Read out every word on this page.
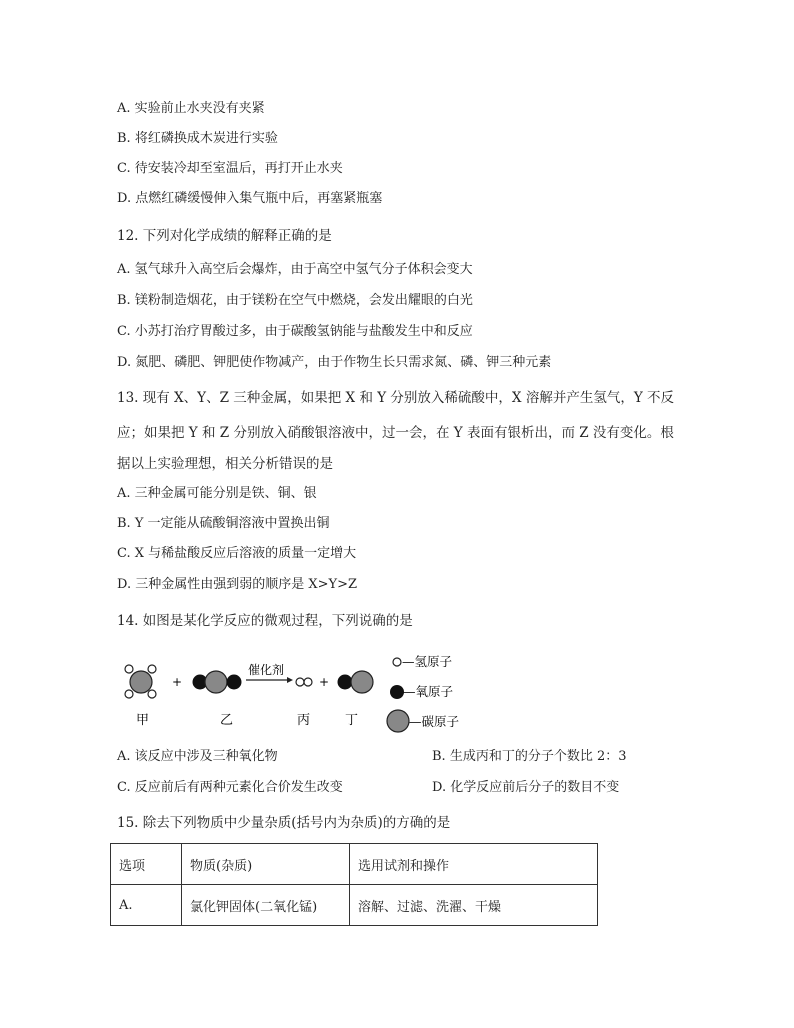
A. 实验前止水夹没有夹紧
B. 将红磷换成木炭进行实验
C. 待安装冷却至室温后，再打开止水夹
D. 点燃红磷缓慢伸入集气瓶中后，再塞紧瓶塞
12. 下列对化学成绩的解释正确的是
A. 氢气球升入高空后会爆炸，由于高空中氢气分子体积会变大
B. 镁粉制造烟花，由于镁粉在空气中燃烧，会发出耀眼的白光
C. 小苏打治疗胃酸过多，由于碳酸氢钠能与盐酸发生中和反应
D. 氮肥、磷肥、钾肥使作物减产，由于作物生长只需求氮、磷、钾三种元素
13. 现有 X、Y、Z 三种金属，如果把 X 和 Y 分别放入稀硫酸中，X 溶解并产生氢气，Y 不反
应；如果把 Y 和 Z 分别放入硝酸银溶液中，过一会，在 Y 表面有银析出，而 Z 没有变化。根
据以上实验理想，相关分析错误的是
A. 三种金属可能分别是铁、铜、银
B. Y 一定能从硫酸铜溶液中置换出铜
C. X 与稀盐酸反应后溶液的质量一定增大
D. 三种金属性由强到弱的顺序是 X>Y>Z
14. 如图是某化学反应的微观过程，下列说确的是
+
催化剂
+
—氢原子
—氧原子
—碳原子
甲	乙	丙	丁
A. 该反应中涉及三种氧化物	B. 生成丙和丁的分子个数比 2：3
C. 反应前后有两种元素化合价发生改变	D. 化学反应前后分子的数目不变
15. 除去下列物质中少量杂质(括号内为杂质)的方确的是
选项	物质(杂质)	选用试剂和操作
A.	氯化钾固体(二氧化锰)	溶解、过滤、洗濯、干燥
